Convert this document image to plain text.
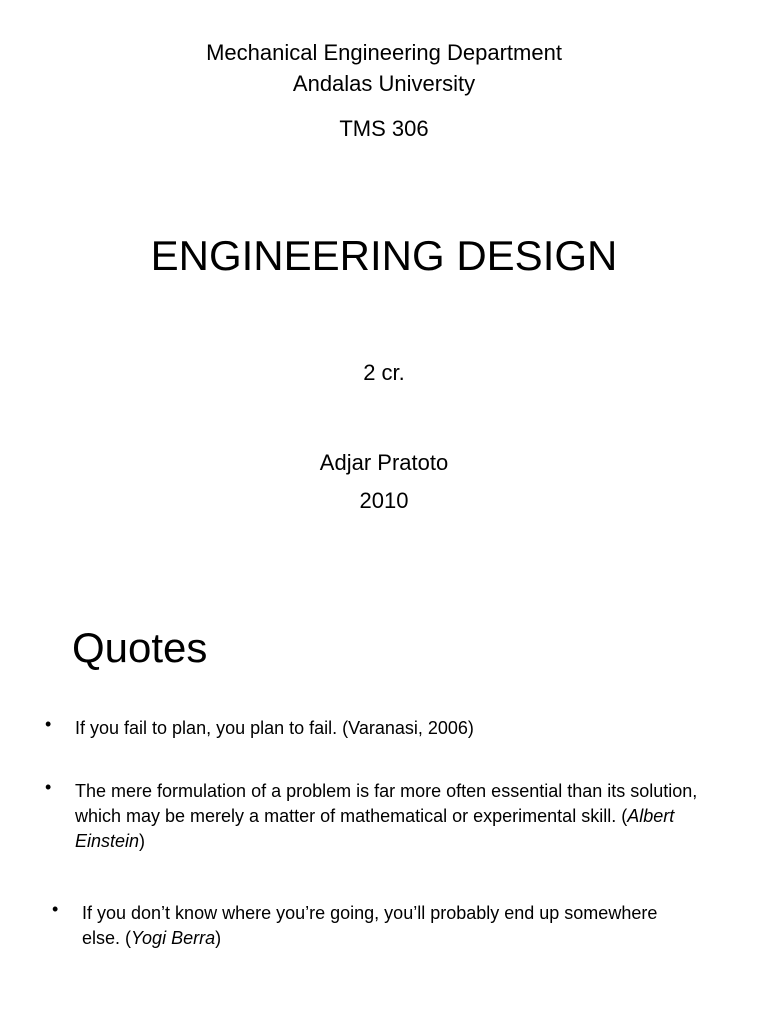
Mechanical Engineering Department
Andalas University
TMS 306
ENGINEERING DESIGN
2 cr.
Adjar Pratoto
2010
Quotes
• If you fail to plan, you plan to fail. (Varanasi, 2006)
• The mere formulation of a problem is far more often essential than its solution, which may be merely a matter of mathematical or experimental skill. (Albert Einstein)
• If you don’t know where you’re going, you’ll probably end up somewhere else. (Yogi Berra)
